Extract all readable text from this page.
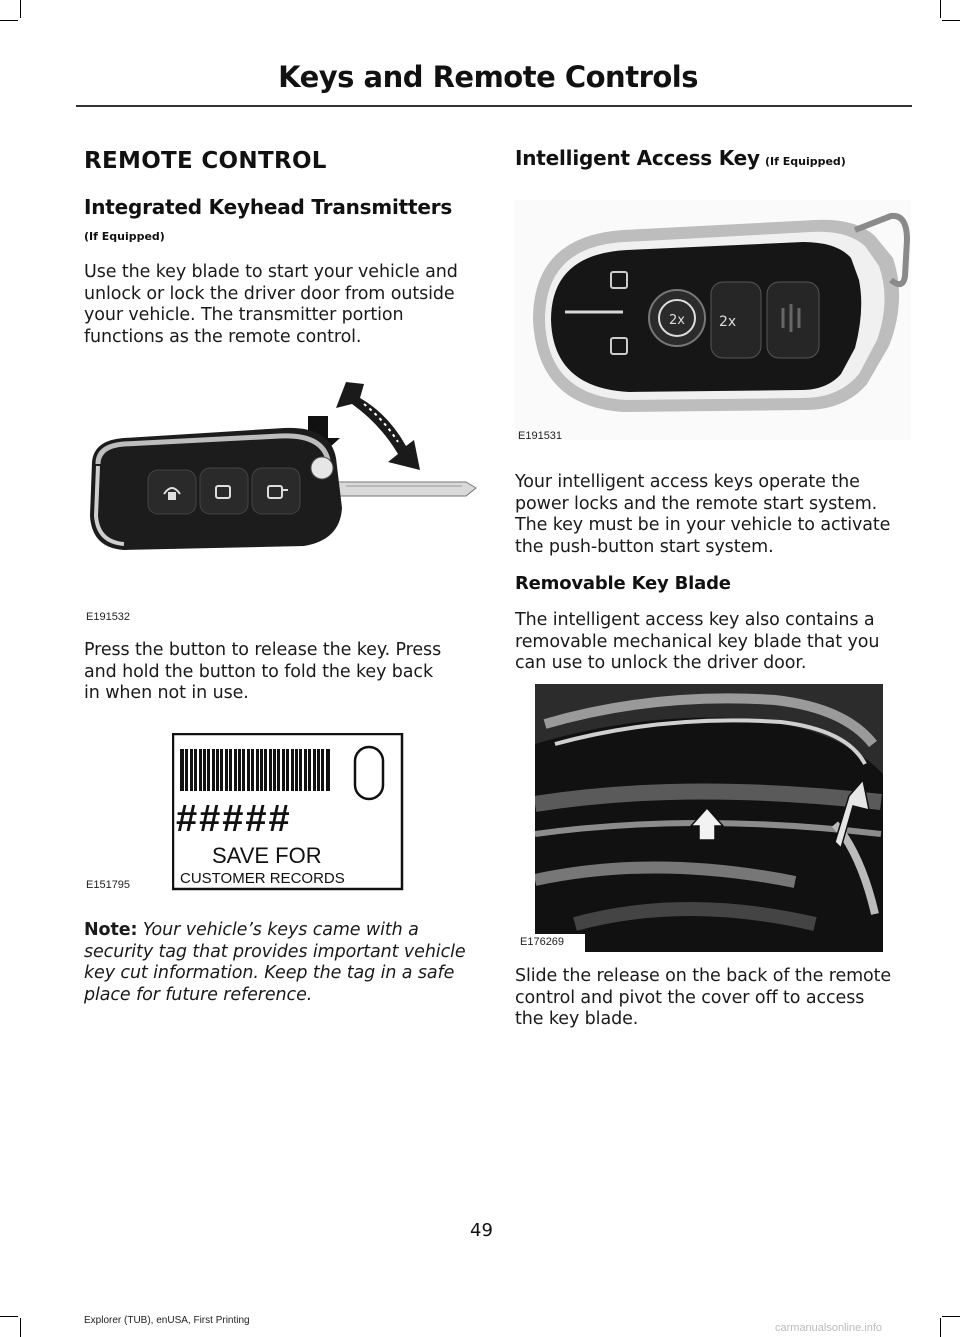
Keys and Remote Controls
REMOTE CONTROL
Integrated Keyhead Transmitters
(If Equipped)
Use the key blade to start your vehicle and
unlock or lock the driver door from outside
your vehicle. The transmitter portion
functions as the remote control.
E191532
Press the button to release the key. Press
and hold the button to fold the key back
in when not in use.
#####
SAVE FOR
CUSTOMER RECORDS
E151795
Note: Your vehicle’s keys came with a
security tag that provides important vehicle
key cut information. Keep the tag in a safe
place for future reference.
Intelligent Access Key (If Equipped)
2x 2x
E191531
Your intelligent access keys operate the
power locks and the remote start system.
The key must be in your vehicle to activate
the push-button start system.
Removable Key Blade
The intelligent access key also contains a
removable mechanical key blade that you
can use to unlock the driver door.
E176269
Slide the release on the back of the remote
control and pivot the cover off to access
the key blade.
49
Explorer (TUB), enUSA, First Printing
carmanualsonline.info
